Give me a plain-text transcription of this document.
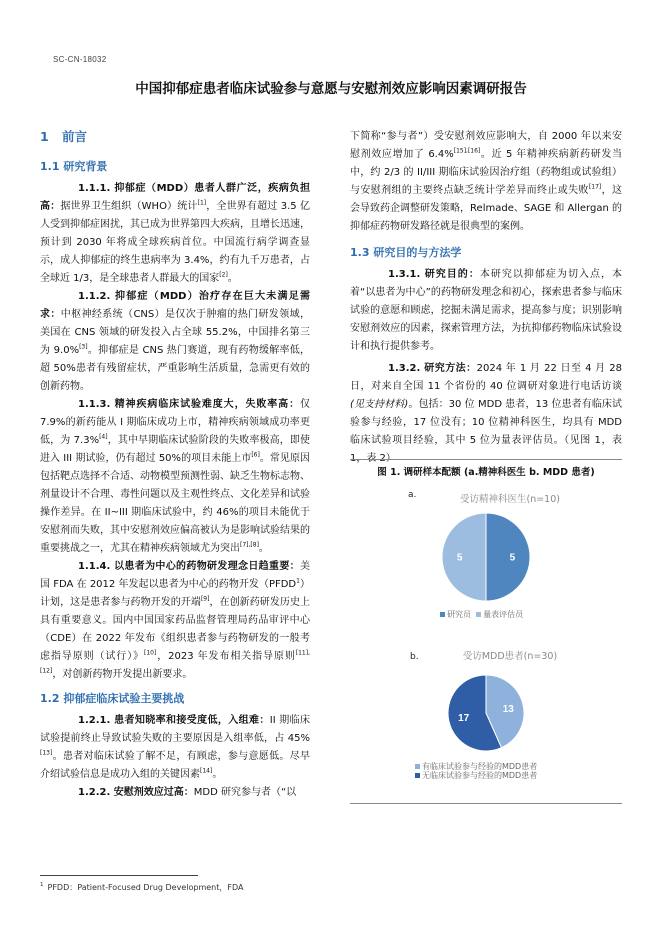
SC-CN-18032
中国抑郁症患者临床试验参与意愿与安慰剂效应影响因素调研报告
1 前言
1.1 研究背景

1.1.1. 抑郁症（MDD）患者人群广泛，疾病负担高：据世界卫生组织（WHO）统计[1]，全世界有超过 3.5 亿人受到抑郁症困扰，其已成为世界第四大疾病，且增长迅速，预计到 2030 年将成全球疾病首位。中国流行病学调查显示，成人抑郁症的终生患病率为 3.4%，约有九千万患者，占全球近 1/3，是全球患者人群最大的国家[2]。

1.1.2. 抑郁症（MDD）治疗存在巨大未满足需求：中枢神经系统（CNS）是仅次于肿瘤的热门研发领域，美国在 CNS 领域的研发投入占全球 55.2%，中国排名第三为 9.0%[3]。抑郁症是 CNS 热门赛道，现有药物缓解率低，超 50%患者有残留症状，严重影响生活质量，急需更有效的创新药物。

1.1.3. 精神疾病临床试验难度大，失败率高：仅 7.9%的新药能从 I 期临床成功上市，精神疾病领域成功率更低，为 7.3%[4]，其中早期临床试验阶段的失败率极高，即使进入 III 期试验，仍有超过 50%的项目未能上市[6]。常见原因包括靶点选择不合适、动物模型预测性弱、缺乏生物标志物、剂量设计不合理、毒性问题以及主观性终点、文化差异和试验操作差异。在 II~III 期临床试验中，约 46%的项目未能优于安慰剂而失败，其中安慰剂效应偏高被认为是影响试验结果的重要挑战之一，尤其在精神疾病领域尤为突出[7],[8]。

1.1.4. 以患者为中心的药物研发理念日趋重要：美国 FDA 在 2012 年发起以患者为中心的药物开发（PFDD$^1$）计划，这是患者参与药物开发的开端[9]，在创新药研发历史上具有重要意义。国内中国国家药品监督管理局药品审评中心（CDE）在 2022 年发布《组织患者参与药物研发的一般考虑指导原则（试行）》[10]，2023 年发布相关指导原则[11],[12]，对创新药物开发提出新要求。

1.2 抑郁症临床试验主要挑战

1.2.1. 患者知晓率和接受度低，入组难：II 期临床试验提前终止导致试验失败的主要原因是入组率低，占 45%[13]。患者对临床试验了解不足，有顾虑，参与意愿低。尽早介绍试验信息是成功入组的关键因素[14]。

1.2.2. 安慰剂效应过高：MDD 研究参与者（“以

下简称“参与者”）受安慰剂效应影响大，自 2000 年以来安慰剂效应增加了 6.4%[15],[16]。近 5 年精神疾病新药研发当中，约 2/3 的 II/III 期临床试验因治疗组（药物组或试验组）与安慰剂组的主要终点缺乏统计学差异而终止或失败[17]，这会导致药企调整研发策略，Relmade、SAGE 和 Allergan 的抑郁症药物研发路径就是很典型的案例。

1.3 研究目的与方法学

1.3.1. 研究目的：本研究以抑郁症为切入点，本着“以患者为中心”的药物研发理念和初心，探索患者参与临床试验的意愿和顾虑，挖掘未满足需求，提高参与度；识别影响安慰剂效应的因素，探索管理方法，为抗抑郁药物临床试验设计和执行提供参考。

1.3.2. 研究方法：2024 年 1 月 22 日至 4 月 28 日，对来自全国 11 个省份的 40 位调研对象进行电话访谈(见支持材料)。包括：30 位 MDD 患者，13 位患者有临床试验参与经验，17 位没有；10 位精神科医生，均具有 MDD 临床试验项目经验，其中 5 位为量表评估员。（见图 1，表 1，表 2）

图 1. 调研样本配额 (a.精神科医生 b. MDD 患者)
a.	受访精神科医生(n=10)
5
5
研究员 量表评估员
b.	受访MDD患者(n=30)
13
17
有临床试验参与经验的MDD患者
无临床试验参与经验的MDD患者
$^1$ PFDD：Patient-Focused Drug Development，FDA
